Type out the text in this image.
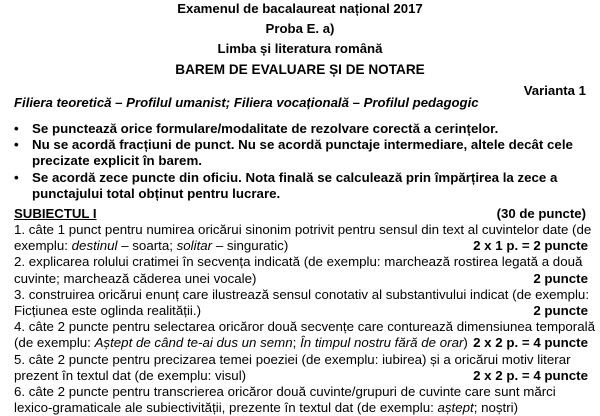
Examenul de bacalaureat național 2017
Proba E. a)
Limba și literatura română
BAREM DE EVALUARE ȘI DE NOTARE
Varianta 1
Filiera teoretică – Profilul umanist; Filiera vocațională – Profilul pedagogic
•	Se punctează orice formulare/modalitate de rezolvare corectă a cerințelor.
•	Nu se acordă fracțiuni de punct. Nu se acordă punctaje intermediare, altele decât cele
precizate explicit în barem.
•	Se acordă zece puncte din oficiu. Nota finală se calculează prin împărțirea la zece a
punctajului total obținut pentru lucrare.
SUBIECTUL I	(30 de puncte)
1. câte 1 punct pentru numirea oricărui sinonim potrivit pentru sensul din text al cuvintelor date (de
exemplu: destinul – soarta; solitar – singuratic)	2 x 1 p. = 2 puncte
2. explicarea rolului cratimei în secvența indicată (de exemplu: marchează rostirea legată a două
cuvinte; marchează căderea unei vocale)	2 puncte
3. construirea oricărui enunț care ilustrează sensul conotativ al substantivului indicat (de exemplu:
Ficțiunea este oglinda realității.)	2 puncte
4. câte 2 puncte pentru selectarea oricăror două secvențe care conturează dimensiunea temporală
(de exemplu: Aștept de când te-ai dus un semn; În timpul nostru fără de orar) 2 x 2 p. = 4 puncte
5. câte 2 puncte pentru precizarea temei poeziei (de exemplu: iubirea) și a oricărui motiv literar
prezent în textul dat (de exemplu: visul)	2 x 2 p. = 4 puncte
6. câte 2 puncte pentru transcrierea oricăror două cuvinte/grupuri de cuvinte care sunt mărci
lexico-gramaticale ale subiectivității, prezente în textul dat (de exemplu: aștept; noștri)
